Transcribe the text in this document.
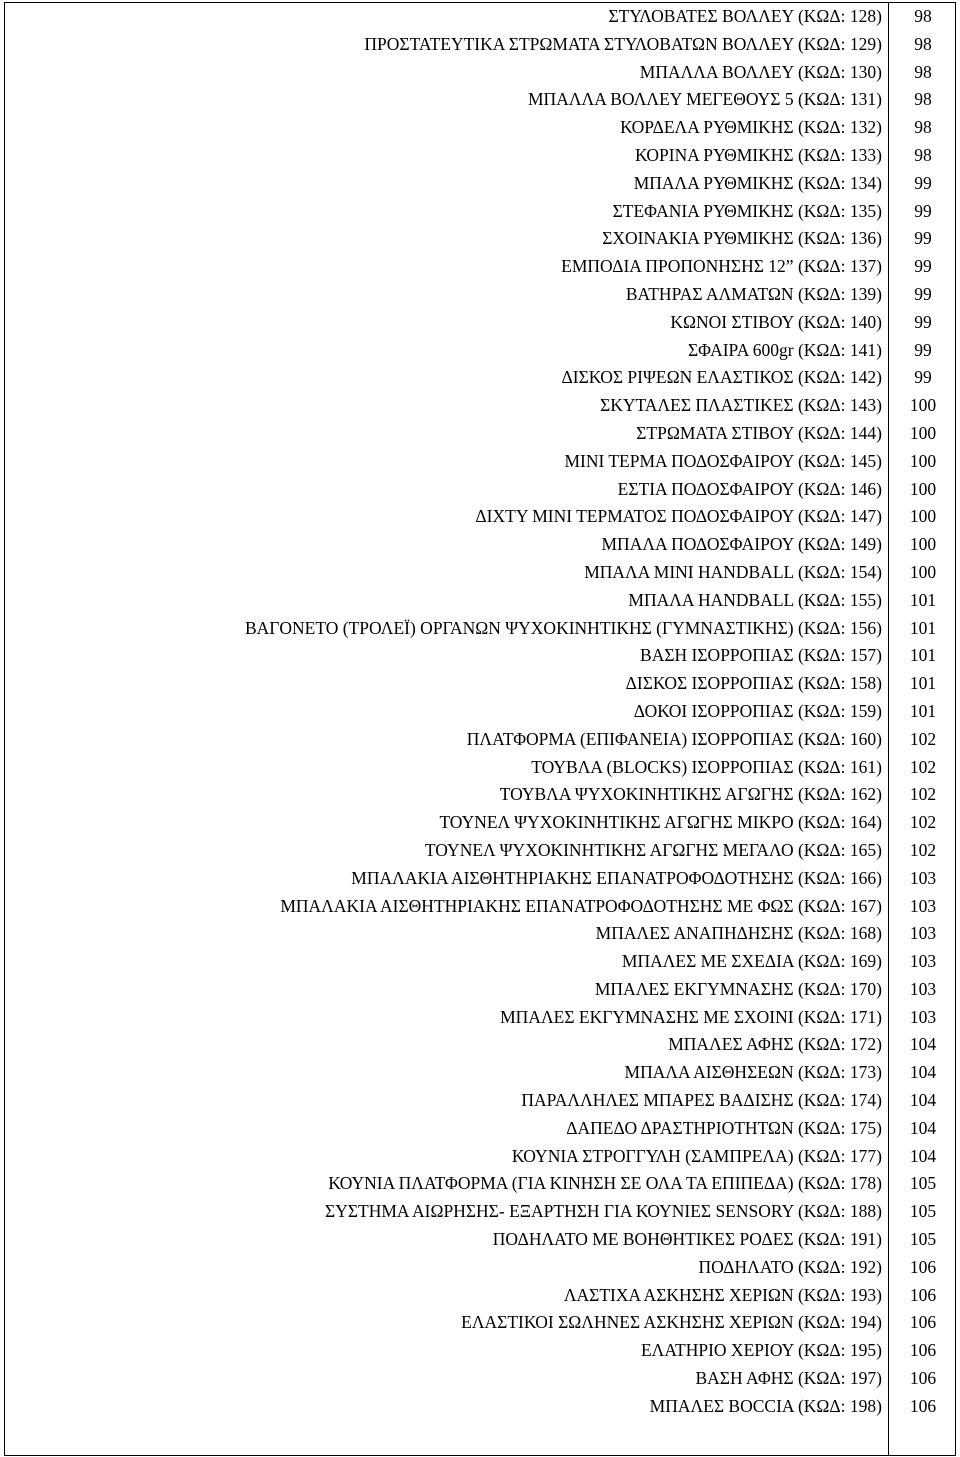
ΣΤΥΛΟΒΑΤΕΣ ΒΟΛΛΕΥ (ΚΩΔ: 128)	98
ΠΡΟΣΤΑΤΕΥΤΙΚΑ ΣΤΡΩΜΑΤΑ ΣΤΥΛΟΒΑΤΩΝ ΒΟΛΛΕΥ (ΚΩΔ: 129)	98
ΜΠΑΛΛΑ ΒΟΛΛΕΥ (ΚΩΔ: 130)	98
ΜΠΑΛΛΑ ΒΟΛΛΕΥ ΜΕΓΕΘΟΥΣ 5 (ΚΩΔ: 131)	98
ΚΟΡΔΕΛΑ ΡΥΘΜΙΚΗΣ (ΚΩΔ: 132)	98
ΚΟΡΙΝΑ ΡΥΘΜΙΚΗΣ (ΚΩΔ: 133)	98
ΜΠΑΛΑ ΡΥΘΜΙΚΗΣ (ΚΩΔ: 134)	99
ΣΤΕΦΑΝΙΑ ΡΥΘΜΙΚΗΣ (ΚΩΔ: 135)	99
ΣΧΟΙΝΑΚΙΑ ΡΥΘΜΙΚΗΣ (ΚΩΔ: 136)	99
ΕΜΠΟΔΙΑ ΠΡΟΠΟΝΗΣΗΣ 12” (ΚΩΔ: 137)	99
ΒΑΤΗΡΑΣ ΑΛΜΑΤΩΝ (ΚΩΔ: 139)	99
ΚΩΝΟΙ ΣΤΙΒΟΥ (ΚΩΔ: 140)	99
ΣΦΑΙΡΑ 600gr (ΚΩΔ: 141)	99
ΔΙΣΚΟΣ ΡΙΨΕΩΝ ΕΛΑΣΤΙΚΟΣ (ΚΩΔ: 142)	99
ΣΚΥΤΑΛΕΣ ΠΛΑΣΤΙΚΕΣ (ΚΩΔ: 143)	100
ΣΤΡΩΜΑΤΑ ΣΤΙΒΟΥ (ΚΩΔ: 144)	100
ΜΙΝΙ ΤΕΡΜΑ ΠΟΔΟΣΦΑΙΡΟΥ (ΚΩΔ: 145)	100
ΕΣΤΙΑ ΠΟΔΟΣΦΑΙΡΟΥ (ΚΩΔ: 146)	100
ΔΙΧΤΥ ΜΙΝΙ ΤΕΡΜΑΤΟΣ ΠΟΔΟΣΦΑΙΡΟΥ (ΚΩΔ: 147)	100
ΜΠΑΛΑ ΠΟΔΟΣΦΑΙΡΟΥ (ΚΩΔ: 149)	100
ΜΠΑΛΑ ΜΙΝΙ HANDBALL (ΚΩΔ: 154)	100
ΜΠΑΛΑ HANDBALL (ΚΩΔ: 155)	101
ΒΑΓΟΝΕΤΟ (ΤΡΟΛΕΪ) ΟΡΓΑΝΩΝ ΨΥΧΟΚΙΝΗΤΙΚΗΣ (ΓΥΜΝΑΣΤΙΚΗΣ) (ΚΩΔ: 156)	101
ΒΑΣΗ ΙΣΟΡΡΟΠΙΑΣ (ΚΩΔ: 157)	101
ΔΙΣΚΟΣ ΙΣΟΡΡΟΠΙΑΣ (ΚΩΔ: 158)	101
ΔΟΚΟΙ ΙΣΟΡΡΟΠΙΑΣ (ΚΩΔ: 159)	101
ΠΛΑΤΦΟΡΜΑ (ΕΠΙΦΑΝΕΙΑ) ΙΣΟΡΡΟΠΙΑΣ (ΚΩΔ: 160)	102
ΤΟΥΒΛΑ (BLOCKS) ΙΣΟΡΡΟΠΙΑΣ (ΚΩΔ: 161)	102
ΤΟΥΒΛΑ ΨΥΧΟΚΙΝΗΤΙΚΗΣ ΑΓΩΓΗΣ (ΚΩΔ: 162)	102
ΤΟΥΝΕΛ ΨΥΧΟΚΙΝΗΤΙΚΗΣ ΑΓΩΓΗΣ ΜΙΚΡΟ (ΚΩΔ: 164)	102
ΤΟΥΝΕΛ ΨΥΧΟΚΙΝΗΤΙΚΗΣ ΑΓΩΓΗΣ ΜΕΓΑΛΟ (ΚΩΔ: 165)	102
ΜΠΑΛΑΚΙΑ ΑΙΣΘΗΤΗΡΙΑΚΗΣ ΕΠΑΝΑΤΡΟΦΟΔΟΤΗΣΗΣ (ΚΩΔ: 166)	103
ΜΠΑΛΑΚΙΑ ΑΙΣΘΗΤΗΡΙΑΚΗΣ ΕΠΑΝΑΤΡΟΦΟΔΟΤΗΣΗΣ ΜΕ ΦΩΣ (ΚΩΔ: 167)	103
ΜΠΑΛΕΣ ΑΝΑΠΗΔΗΣΗΣ (ΚΩΔ: 168)	103
ΜΠΑΛΕΣ ΜΕ ΣΧΕΔΙΑ (ΚΩΔ: 169)	103
ΜΠΑΛΕΣ ΕΚΓΥΜΝΑΣΗΣ (ΚΩΔ: 170)	103
ΜΠΑΛΕΣ ΕΚΓΥΜΝΑΣΗΣ ΜΕ ΣΧΟΙΝΙ (ΚΩΔ: 171)	103
ΜΠΑΛΕΣ ΑΦΗΣ (ΚΩΔ: 172)	104
ΜΠΑΛΑ ΑΙΣΘΗΣΕΩΝ (ΚΩΔ: 173)	104
ΠΑΡΑΛΛΗΛΕΣ ΜΠΑΡΕΣ ΒΑΔΙΣΗΣ (ΚΩΔ: 174)	104
ΔΑΠΕΔΟ ΔΡΑΣΤΗΡΙΟΤΗΤΩΝ (ΚΩΔ: 175)	104
ΚΟΥΝΙΑ ΣΤΡΟΓΓΥΛΗ (ΣΑΜΠΡΕΛΑ) (ΚΩΔ: 177)	104
ΚΟΥΝΙΑ ΠΛΑΤΦΟΡΜΑ (ΓΙΑ ΚΙΝΗΣΗ ΣΕ ΟΛΑ ΤΑ ΕΠΙΠΕΔΑ) (ΚΩΔ: 178)	105
ΣΥΣΤΗΜΑ ΑΙΩΡΗΣΗΣ- ΕΞΑΡΤΗΣΗ ΓΙΑ ΚΟΥΝΙΕΣ SENSORY (ΚΩΔ: 188)	105
ΠΟΔΗΛΑΤΟ ΜΕ ΒΟΗΘΗΤΙΚΕΣ ΡΟΔΕΣ (ΚΩΔ: 191)	105
ΠΟΔΗΛΑΤΟ (ΚΩΔ: 192)	106
ΛΑΣΤΙΧΑ ΑΣΚΗΣΗΣ ΧΕΡΙΩΝ (ΚΩΔ: 193)	106
ΕΛΑΣΤΙΚΟΙ ΣΩΛΗΝΕΣ ΑΣΚΗΣΗΣ ΧΕΡΙΩΝ (ΚΩΔ: 194)	106
ΕΛΑΤΗΡΙΟ ΧΕΡΙΟΥ (ΚΩΔ: 195)	106
ΒΑΣΗ ΑΦΗΣ (ΚΩΔ: 197)	106
ΜΠΑΛΕΣ BOCCIA (ΚΩΔ: 198)	106
